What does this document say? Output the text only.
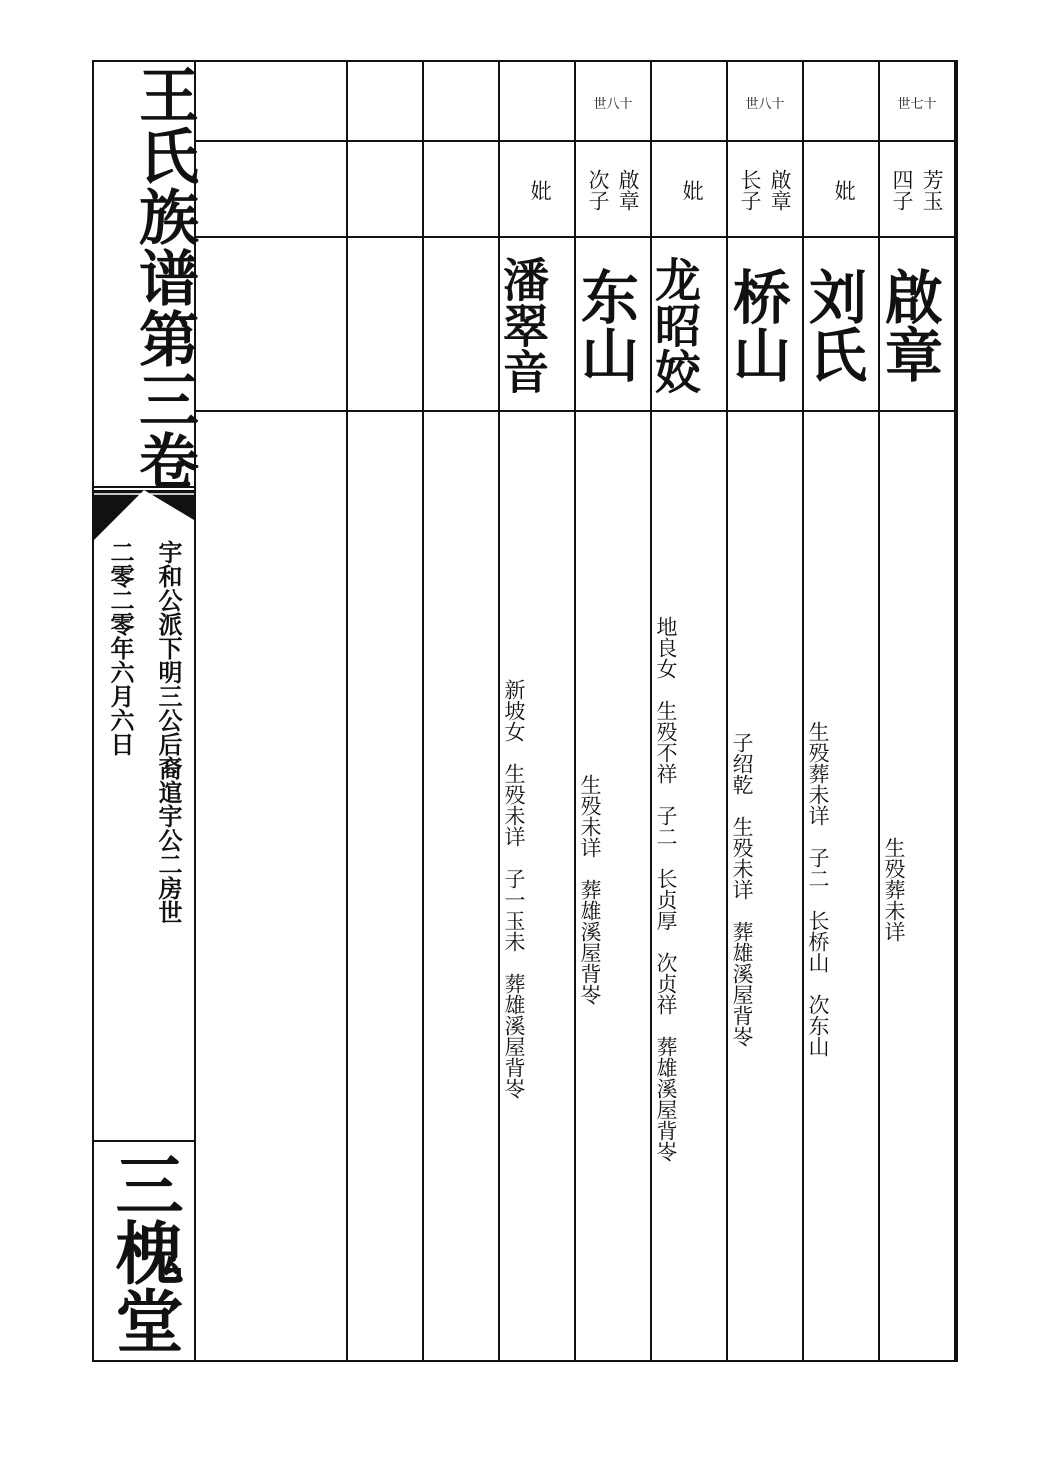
王氏族谱第三卷
宇和公派下明三公后裔逭宇公二房世
二零二零年六月六日
三槐堂
世七十
芳玉
四子
啟章
生殁葬未详
妣
刘氏
生殁葬未详　子二　长桥山　次东山
世八十
啟章
长子
桥山
子绍乾　生殁未详　葬雄溪屋背岺
妣
龙昭姣
地良女　生殁不祥　子二　长贞厚　次贞祥　葬雄溪屋背岺
世八十
啟章
次子
东山
生殁未详　葬雄溪屋背岺
妣
潘翠音
新坡女　生殁未详　子一玉未　葬雄溪屋背岺
